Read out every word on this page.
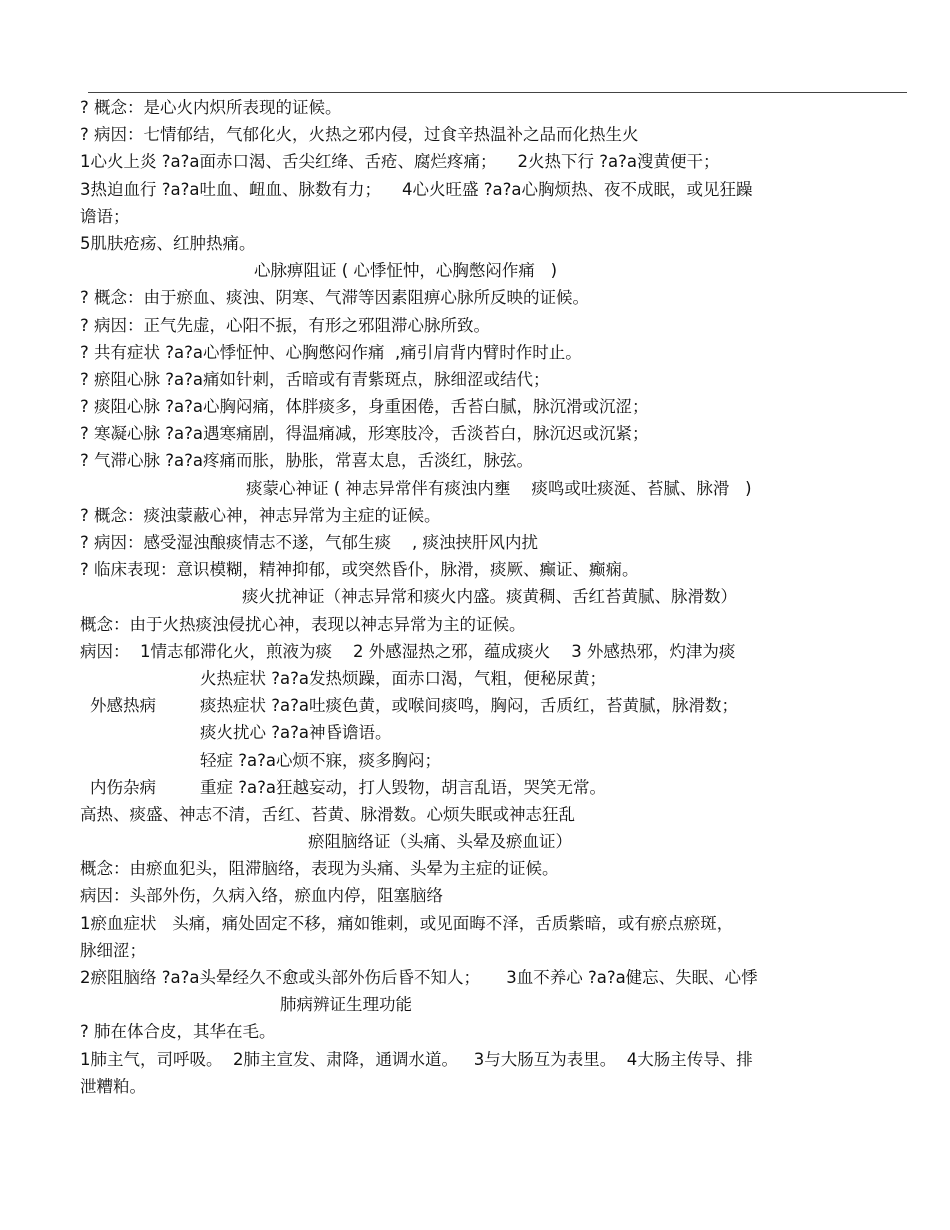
? 概念：是心火内炽所表现的证候。
? 病因：七情郁结，气郁化火，火热之邪内侵，过食辛热温补之品而化热生火
1心火上炎 ?a?a面赤口渴、舌尖红绛、舌疮、腐烂疼痛；    2火热下行 ?a?a溲黄便干；
3热迫血行 ?a?a吐血、衄血、脉数有力；    4心火旺盛 ?a?a心胸烦热、夜不成眠，或见狂躁
谵语；
5肌肤疮疡、红肿热痛。
心脉痹阻证 ( 心悸怔忡，心胸憋闷作痛   )
? 概念：由于瘀血、痰浊、阴寒、气滞等因素阻痹心脉所反映的证候。
? 病因：正气先虚，心阳不振，有形之邪阻滞心脉所致。
? 共有症状 ?a?a心悸怔忡、心胸憋闷作痛  ,痛引肩背内臂时作时止。
? 瘀阻心脉 ?a?a痛如针刺，舌暗或有青紫斑点，脉细涩或结代；
? 痰阻心脉 ?a?a心胸闷痛，体胖痰多，身重困倦，舌苔白腻，脉沉滑或沉涩；
? 寒凝心脉 ?a?a遇寒痛剧，得温痛减，形寒肢冷，舌淡苔白，脉沉迟或沉紧；
? 气滞心脉 ?a?a疼痛而胀，胁胀，常喜太息，舌淡红，脉弦。
痰蒙心神证 ( 神志异常伴有痰浊内壅    痰鸣或吐痰涎、苔腻、脉滑   )
? 概念：痰浊蒙蔽心神，神志异常为主症的证候。
? 病因：感受湿浊酿痰情志不遂，气郁生痰    , 痰浊挟肝风内扰
? 临床表现：意识模糊，精神抑郁，或突然昏仆，脉滑，痰厥、癫证、癫痫。
痰火扰神证（神志异常和痰火内盛。痰黄稠、舌红苔黄腻、脉滑数）
概念：由于火热痰浊侵扰心神，表现以神志异常为主的证候。
病因：  1情志郁滞化火，煎液为痰    2 外感湿热之邪，蕴成痰火    3 外感热邪，灼津为痰
火热症状 ?a?a发热烦躁，面赤口渴，气粗，便秘尿黄；
外感热病	痰热症状 ?a?a吐痰色黄，或喉间痰鸣，胸闷，舌质红，苔黄腻，脉滑数；
痰火扰心 ?a?a神昏谵语。
轻症 ?a?a心烦不寐，痰多胸闷；
内伤杂病	重症 ?a?a狂越妄动，打人毁物，胡言乱语，哭笑无常。
高热、痰盛、神志不清，舌红、苔黄、脉滑数。心烦失眠或神志狂乱
瘀阻脑络证（头痛、头晕及瘀血证）
概念：由瘀血犯头，阻滞脑络，表现为头痛、头晕为主症的证候。
病因：头部外伤，久病入络，瘀血内停，阻塞脑络
1瘀血症状   头痛，痛处固定不移，痛如锥刺，或见面晦不泽，舌质紫暗，或有瘀点瘀斑，
脉细涩；
2瘀阻脑络 ?a?a头晕经久不愈或头部外伤后昏不知人；     3血不养心 ?a?a健忘、失眠、心悸
肺病辨证生理功能
? 肺在体合皮，其华在毛。
1肺主气，司呼吸。  2肺主宣发、肃降，通调水道。   3与大肠互为表里。  4大肠主传导、排
泄糟粕。
